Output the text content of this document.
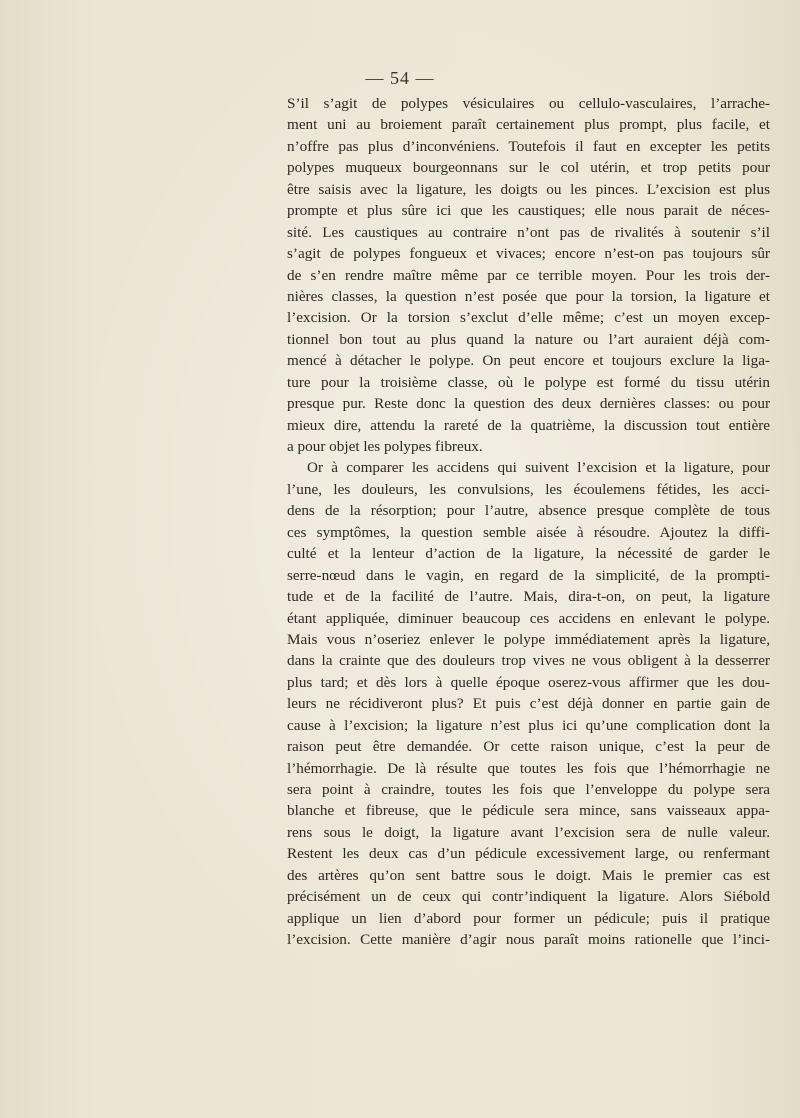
— 54 —
S’il s’agit de polypes vésiculaires ou cellulo-vasculaires, l’arrache-
ment uni au broiement paraît certainement plus prompt, plus facile, et
n’offre pas plus d’inconvéniens. Toutefois il faut en excepter les petits
polypes muqueux bourgeonnans sur le col utérin, et trop petits pour
être saisis avec la ligature, les doigts ou les pinces. L’excision est plus
prompte et plus sûre ici que les caustiques; elle nous parait de néces-
sité. Les caustiques au contraire n’ont pas de rivalités à soutenir s’il
s’agit de polypes fongueux et vivaces; encore n’est-on pas toujours sûr
de s’en rendre maître même par ce terrible moyen. Pour les trois der-
nières classes, la question n’est posée que pour la torsion, la ligature et
l’excision. Or la torsion s’exclut d’elle même; c’est un moyen excep-
tionnel bon tout au plus quand la nature ou l’art auraient déjà com-
mencé à détacher le polype. On peut encore et toujours exclure la liga-
ture pour la troisième classe, où le polype est formé du tissu utérin
presque pur. Reste donc la question des deux dernières classes: ou pour
mieux dire, attendu la rareté de la quatrième, la discussion tout entière
a pour objet les polypes fibreux.
Or à comparer les accidens qui suivent l’excision et la ligature, pour
l’une, les douleurs, les convulsions, les écoulemens fétides, les acci-
dens de la résorption; pour l’autre, absence presque complète de tous
ces symptômes, la question semble aisée à résoudre. Ajoutez la diffi-
culté et la lenteur d’action de la ligature, la nécessité de garder le
serre-nœud dans le vagin, en regard de la simplicité, de la prompti-
tude et de la facilité de l’autre. Mais, dira-t-on, on peut, la ligature
étant appliquée, diminuer beaucoup ces accidens en enlevant le polype.
Mais vous n’oseriez enlever le polype immédiatement après la ligature,
dans la crainte que des douleurs trop vives ne vous obligent à la desserrer
plus tard; et dès lors à quelle époque oserez-vous affirmer que les dou-
leurs ne récidiveront plus? Et puis c’est déjà donner en partie gain de
cause à l’excision; la ligature n’est plus ici qu’une complication dont la
raison peut être demandée. Or cette raison unique, c’est la peur de
l’hémorrhagie. De là résulte que toutes les fois que l’hémorrhagie ne
sera point à craindre, toutes les fois que l’enveloppe du polype sera
blanche et fibreuse, que le pédicule sera mince, sans vaisseaux appa-
rens sous le doigt, la ligature avant l’excision sera de nulle valeur.
Restent les deux cas d’un pédicule excessivement large, ou renfermant
des artères qu’on sent battre sous le doigt. Mais le premier cas est
précisément un de ceux qui contr’indiquent la ligature. Alors Siébold
applique un lien d’abord pour former un pédicule; puis il pratique
l’excision. Cette manière d’agir nous paraît moins rationelle que l’inci-
